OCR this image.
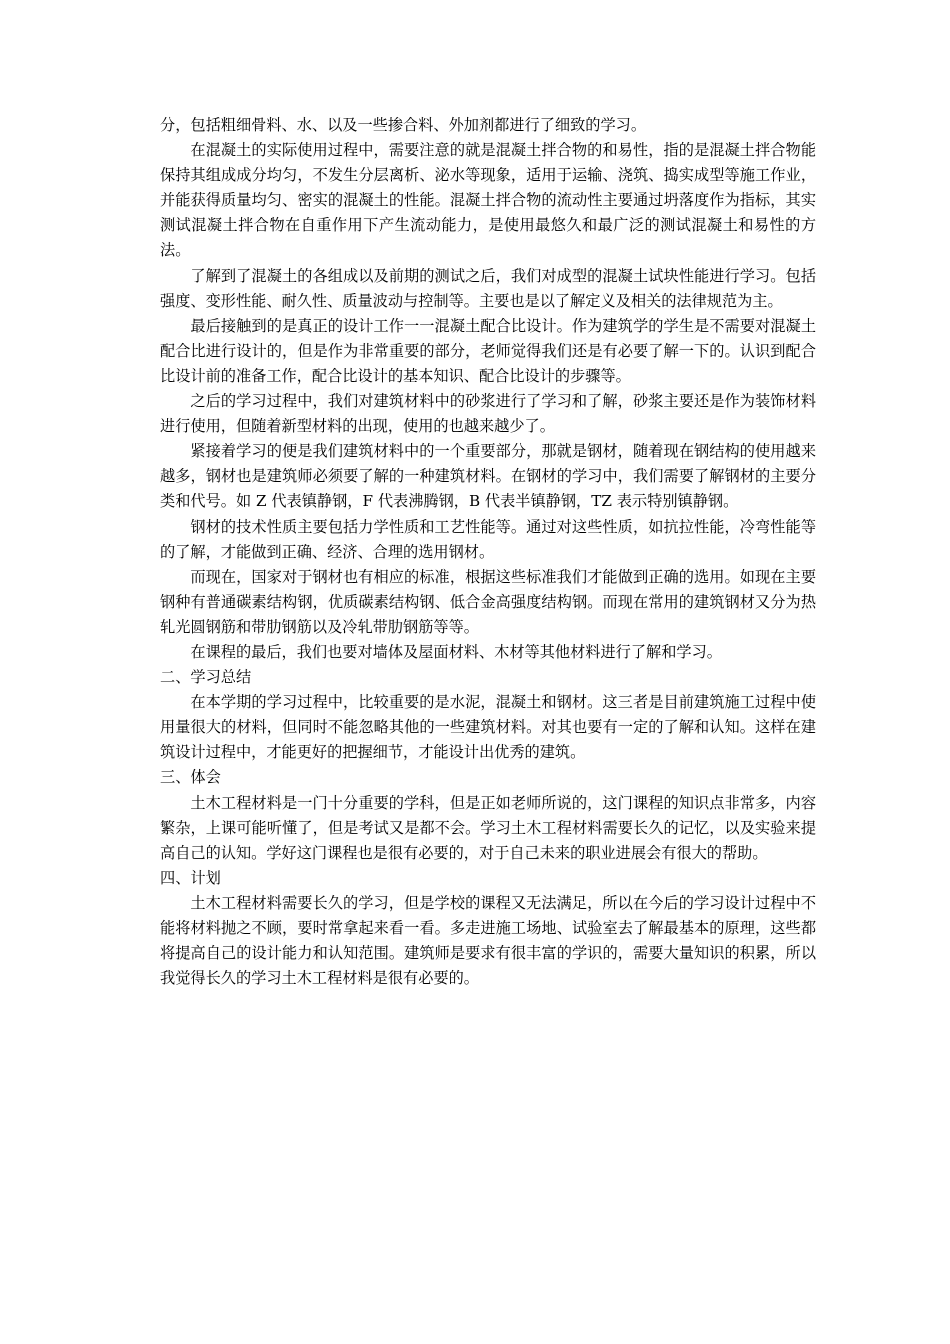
分，包括粗细骨料、水、以及一些掺合料、外加剂都进行了细致的学习。

在混凝土的实际使用过程中，需要注意的就是混凝土拌合物的和易性，指的是混凝土拌合物能保持其组成成分均匀，不发生分层离析、泌水等现象，适用于运输、浇筑、捣实成型等施工作业，并能获得质量均匀、密实的混凝土的性能。混凝土拌合物的流动性主要通过坍落度作为指标，其实测试混凝土拌合物在自重作用下产生流动能力，是使用最悠久和最广泛的测试混凝土和易性的方法。

了解到了混凝土的各组成以及前期的测试之后，我们对成型的混凝土试块性能进行学习。包括强度、变形性能、耐久性、质量波动与控制等。主要也是以了解定义及相关的法律规范为主。

最后接触到的是真正的设计工作一一混凝土配合比设计。作为建筑学的学生是不需要对混凝土配合比进行设计的，但是作为非常重要的部分，老师觉得我们还是有必要了解一下的。认识到配合比设计前的准备工作，配合比设计的基本知识、配合比设计的步骤等。

之后的学习过程中，我们对建筑材料中的砂浆进行了学习和了解，砂浆主要还是作为装饰材料进行使用，但随着新型材料的出现，使用的也越来越少了。

紧接着学习的便是我们建筑材料中的一个重要部分，那就是钢材，随着现在钢结构的使用越来越多，钢材也是建筑师必须要了解的一种建筑材料。在钢材的学习中，我们需要了解钢材的主要分类和代号。如 Z 代表镇静钢，F 代表沸腾钢，B 代表半镇静钢，TZ 表示特别镇静钢。

钢材的技术性质主要包括力学性质和工艺性能等。通过对这些性质，如抗拉性能，冷弯性能等的了解，才能做到正确、经济、合理的选用钢材。

而现在，国家对于钢材也有相应的标准，根据这些标准我们才能做到正确的选用。如现在主要钢种有普通碳素结构钢，优质碳素结构钢、低合金高强度结构钢。而现在常用的建筑钢材又分为热轧光圆钢筋和带肋钢筋以及冷轧带肋钢筋等等。

在课程的最后，我们也要对墙体及屋面材料、木材等其他材料进行了解和学习。

二、学习总结

在本学期的学习过程中，比较重要的是水泥，混凝土和钢材。这三者是目前建筑施工过程中使用量很大的材料，但同时不能忽略其他的一些建筑材料。对其也要有一定的了解和认知。这样在建筑设计过程中，才能更好的把握细节，才能设计出优秀的建筑。

三、体会

土木工程材料是一门十分重要的学科，但是正如老师所说的，这门课程的知识点非常多，内容繁杂，上课可能听懂了，但是考试又是都不会。学习土木工程材料需要长久的记忆，以及实验来提高自己的认知。学好这门课程也是很有必要的，对于自己未来的职业进展会有很大的帮助。

四、计划

土木工程材料需要长久的学习，但是学校的课程又无法满足，所以在今后的学习设计过程中不能将材料抛之不顾，要时常拿起来看一看。多走进施工场地、试验室去了解最基本的原理，这些都将提高自己的设计能力和认知范围。建筑师是要求有很丰富的学识的，需要大量知识的积累，所以我觉得长久的学习土木工程材料是很有必要的。
